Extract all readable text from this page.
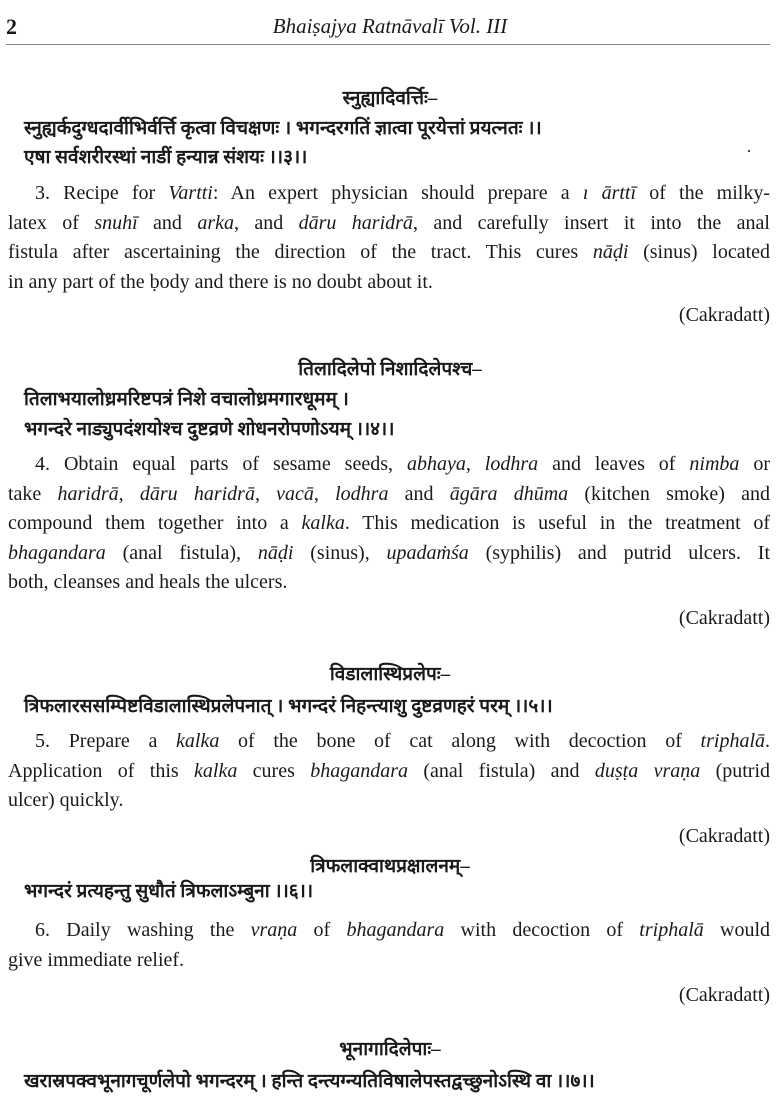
2	Bhaiṣajya Ratnāvalī Vol. III
स्नुह्यादिवर्त्तिः–
स्नुह्यर्कदुग्धदार्वीभिर्वर्त्ति कृत्वा विचक्षणः । भगन्दरगतिं ज्ञात्वा पूरयेत्तां प्रयत्नतः ।।
एषा सर्वशरीरस्थां नाडीं हन्यान्न संशयः ।।३।।
3. Recipe for Vartti: An expert physician should prepare a ı ārttī of the milky-
latex of snuhī and arka, and dāru haridrā, and carefully insert it into the anal
fistula after ascertaining the direction of the tract. This cures nāḍi (sinus) located
in any part of the ḅody and there is no doubt about it.
(Cakradatt)
तिलादिलेपो निशादिलेपश्च–
तिलाभयालोध्रमरिष्टपत्रं निशे वचालोध्रमगारधूमम् ।
भगन्दरे नाड्युपदंशयोश्च दुष्टव्रणे शोधनरोपणोऽयम् ।।४।।
4. Obtain equal parts of sesame seeds, abhaya, lodhra and leaves of nimba or
take haridrā, dāru haridrā, vacā, lodhra and āgāra dhūma (kitchen smoke) and
compound them together into a kalka. This medication is useful in the treatment of
bhagandara (anal fistula), nāḍi (sinus), upadaṁśa (syphilis) and putrid ulcers. It
both, cleanses and heals the ulcers.
(Cakradatt)
विडालास्थिप्रलेपः–
त्रिफलारससम्पिष्टविडालास्थिप्रलेपनात् । भगन्दरं निहन्त्याशु दुष्टव्रणहरं परम् ।।५।।
5. Prepare a kalka of the bone of cat along with decoction of triphalā.
Application of this kalka cures bhagandara (anal fistula) and duṣṭa vraṇa (putrid
ulcer) quickly.
(Cakradatt)
त्रिफलाक्वाथप्रक्षालनम्–
भगन्दरं प्रत्यहन्तु सुधौतं त्रिफलाऽम्बुना ।।६।।
6. Daily washing the vraṇa of bhagandara with decoction of triphalā would
give immediate relief.
(Cakradatt)
भूनागादिलेपाः–
खरास्रपक्वभूनागचूर्णलेपो भगन्दरम् । हन्ति दन्त्यग्न्यतिविषालेपस्तद्वच्छुनोऽस्थि वा ।।७।।
